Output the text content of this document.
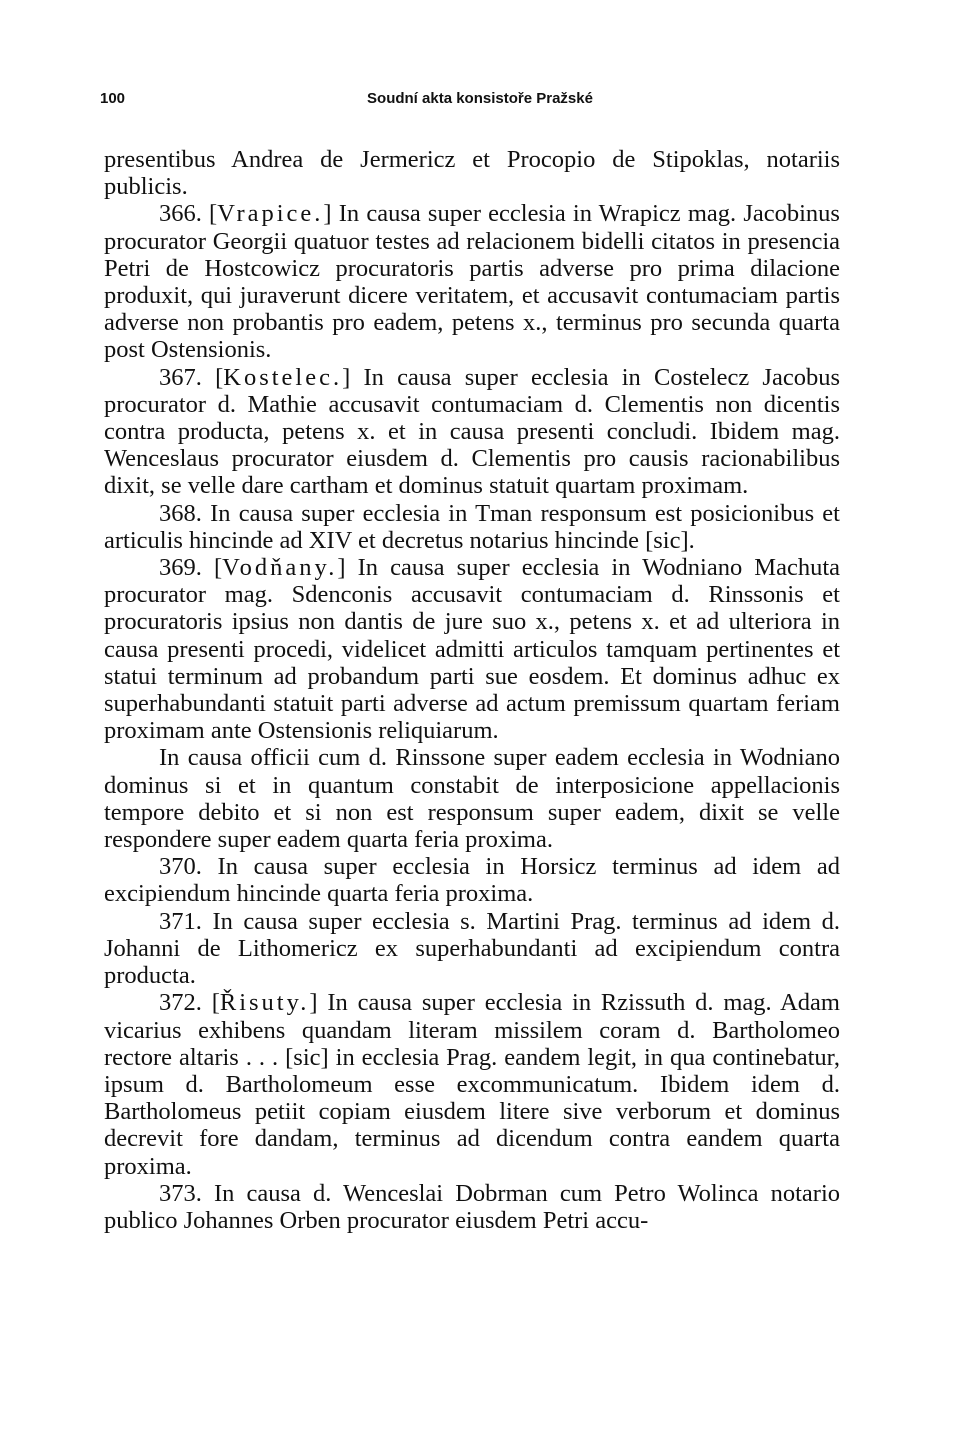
100	Soudní akta konsistoře Pražské

presentibus Andrea de Jermericz et Procopio de Stipoklas, notariis publicis.

366. [Vrapice.] In causa super ecclesia in Wrapicz mag. Jacobinus procurator Georgii quatuor testes ad relacionem bidelli citatos in presencia Petri de Hostcowicz procuratoris partis adverse pro prima dilacione produxit, qui juraverunt dicere veritatem, et accusavit contumaciam partis adverse non probantis pro eadem, petens x., terminus pro secunda quarta post Ostensionis.

367. [Kostelec.] In causa super ecclesia in Costelecz Jacobus procurator d. Mathie accusavit contumaciam d. Clementis non dicentis contra producta, petens x. et in causa presenti concludi. Ibidem mag. Wenceslaus procurator eiusdem d. Clementis pro causis racionabilibus dixit, se velle dare cartham et dominus statuit quartam proximam.

368. In causa super ecclesia in Tman responsum est posicionibus et articulis hincinde ad XIV et decretus notarius hincinde [sic].

369. [Vodňany.] In causa super ecclesia in Wodniano Machuta procurator mag. Sdenconis accusavit contumaciam d. Rinssonis et procuratoris ipsius non dantis de jure suo x., petens x. et ad ulteriora in causa presenti procedi, videlicet admitti articulos tamquam pertinentes et statui terminum ad probandum parti sue eosdem. Et dominus adhuc ex superhabundanti statuit parti adverse ad actum premissum quartam feriam proximam ante Ostensionis reliquiarum.

In causa officii cum d. Rinssone super eadem ecclesia in Wodniano dominus si et in quantum constabit de interposicione appellacionis tempore debito et si non est responsum super eadem, dixit se velle respondere super eadem quarta feria proxima.

370. In causa super ecclesia in Horsicz terminus ad idem ad excipiendum hincinde quarta feria proxima.

371. In causa super ecclesia s. Martini Prag. terminus ad idem d. Johanni de Lithomericz ex superhabundanti ad excipiendum contra producta.

372. [Řisuty.] In causa super ecclesia in Rzissuth d. mag. Adam vicarius exhibens quandam literam missilem coram d. Bartholomeo rectore altaris . . . [sic] in ecclesia Prag. eandem legit, in qua continebatur, ipsum d. Bartholomeum esse excommunicatum. Ibidem idem d. Bartholomeus petiit copiam eiusdem litere sive verborum et dominus decrevit fore dandam, terminus ad dicendum contra eandem quarta proxima.

373. In causa d. Wenceslai Dobrman cum Petro Wolinca notario publico Johannes Orben procurator eiusdem Petri accu-
